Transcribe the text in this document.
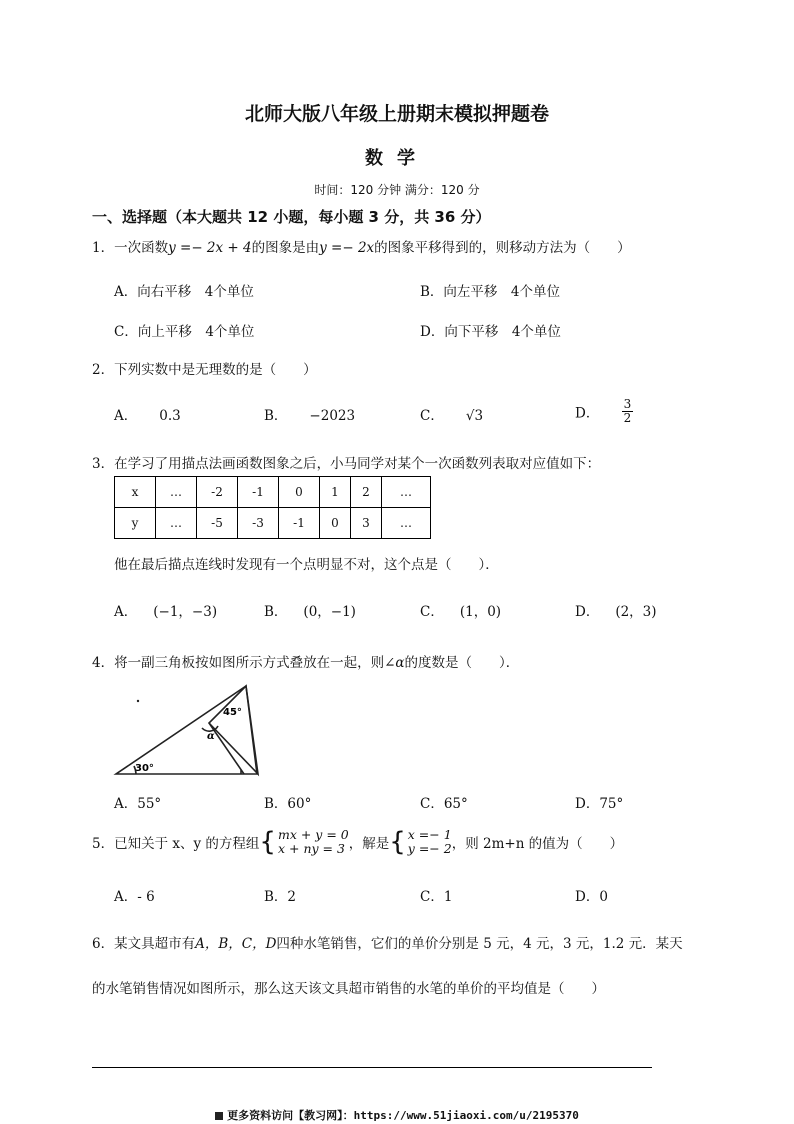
北师大版八年级上册期末模拟押题卷
数学
时间：120 分钟 满分：120 分
一、选择题（本大题共 12 小题，每小题 3 分，共 36 分）
1．一次函数y =− 2x + 4的图象是由y =− 2x的图象平移得到的，则移动方法为（　　）
A．向右平移　4个单位	B．向左平移　4个单位
C．向上平移　4个单位	D．向下平移　4个单位
2．下列实数中是无理数的是（　　）
A． 0.3	B． −2023	C． √3	D． $\frac{3}{2}$
3．在学习了用描点法画函数图象之后，小马同学对某个一次函数列表取对应值如下：
x	…	-2	-1	0	1	2	…
y	…	-5	-3	-1	0	3	…
他在最后描点连线时发现有一个点明显不对，这个点是（　　）．
A． (−1，−3)	B． (0，−1)	C． (1，0)	D． (2，3)
4．将一副三角板按如图所示方式叠放在一起，则∠α的度数是（　　）．
45°
α
30°
A．55°	B．60°	C．65°	D．75°
5．已知关于 x、y 的方程组 { mx + y = 0
x + ny = 3 ，解是 { x =− 1
y =− 2 ，则 2m+n 的值为（　　）
A．- 6	B．2	C．1	D．0
6．某文具超市有A，B，C，D四种水笔销售，它们的单价分别是 5 元，4 元，3 元，1.2 元．某天
的水笔销售情况如图所示，那么这天该文具超市销售的水笔的单价的平均值是（　　）
更多资料访问【教习网】：https://www.51jiaoxi.com/u/2195370
